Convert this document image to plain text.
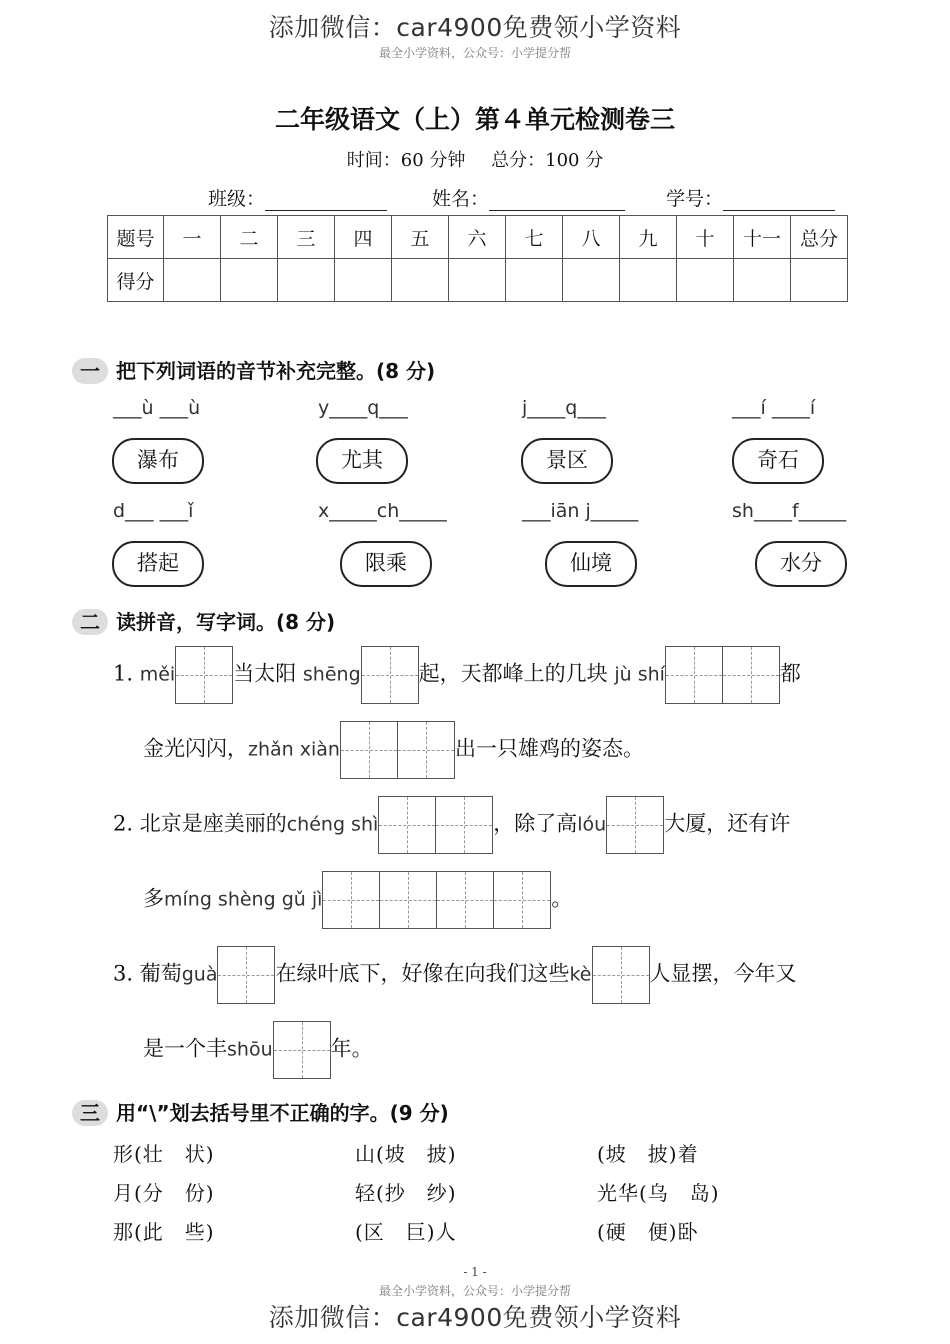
添加微信：car4900免费领小学资料
最全小学资料，公众号：小学提分帮
二年级语文（上）第４单元检测卷三
时间：60 分钟 总分：100 分
班级：	姓名：	学号：
题号	一	二	三	四	五	六	七	八	九	十	十一	总分
得分												
一 把下列词语的音节补充完整。(8 分)
___ù ___ù	y____q___	j____q___	___í ____í
瀑布	尤其	景区	奇石
d___ ___ǐ	x_____ch_____	___iān j_____	sh____f_____
搭起	限乘	仙境	水分
二 读拼音，写字词。(8 分)
1. měi	当太阳 shēng	起，天都峰上的几块 jù shí	都
金光闪闪，zhǎn xiàn	出一只雄鸡的姿态。
2. 北京是座美丽的chéng shì	，除了高lóu	大厦，还有许
多míng shèng gǔ jì	。
3. 葡萄guà	在绿叶底下，好像在向我们这些kè	人显摆，今年又
是一个丰shōu	年。
三 用“\”划去括号里不正确的字。(9 分)
形(壮　状)	山(坡　披)	(坡　披)着
月(分　份)	轻(抄　纱)	光华(乌　岛)
那(此　些)	(区　巨)人	(硬　便)卧
- 1 -
最全小学资料，公众号：小学提分帮
添加微信：car4900免费领小学资料
